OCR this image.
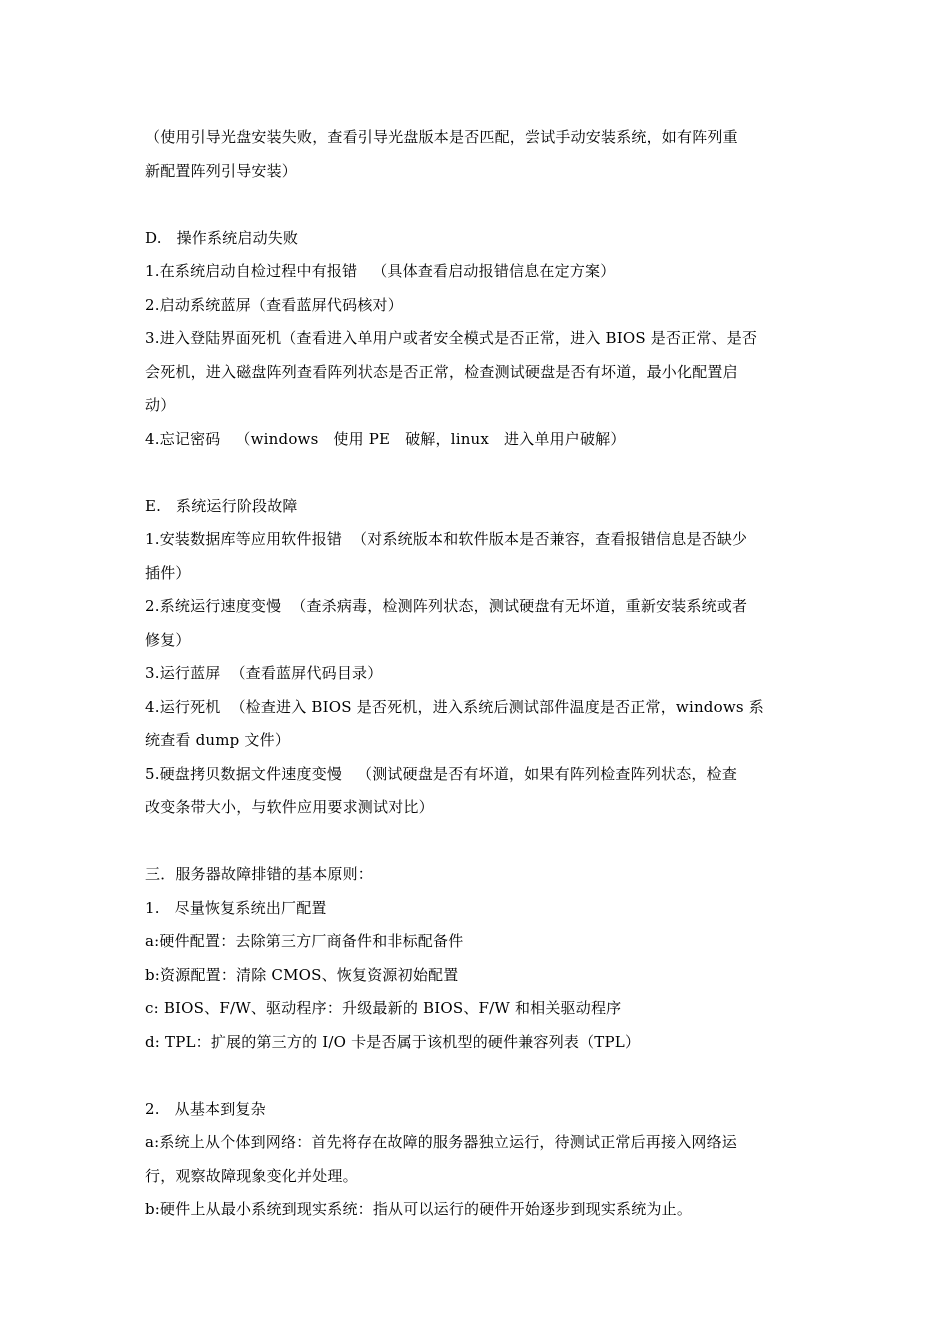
（使用引导光盘安装失败，查看引导光盘版本是否匹配，尝试手动安装系统，如有阵列重
新配置阵列引导安装）
D.   操作系统启动失败
1.在系统启动自检过程中有报错   （具体查看启动报错信息在定方案）
2.启动系统蓝屏（查看蓝屏代码核对）
3.进入登陆界面死机（查看进入单用户或者安全模式是否正常，进入 BIOS 是否正常、是否
会死机，进入磁盘阵列查看阵列状态是否正常，检查测试硬盘是否有坏道，最小化配置启
动）
4.忘记密码   （windows   使用 PE   破解，linux   进入单用户破解）
E.   系统运行阶段故障
1.安装数据库等应用软件报错  （对系统版本和软件版本是否兼容，查看报错信息是否缺少
插件）
2.系统运行速度变慢  （查杀病毒，检测阵列状态，测试硬盘有无坏道，重新安装系统或者
修复）
3.运行蓝屏  （查看蓝屏代码目录）
4.运行死机  （检查进入 BIOS 是否死机，进入系统后测试部件温度是否正常，windows 系
统查看 dump 文件）
5.硬盘拷贝数据文件速度变慢   （测试硬盘是否有坏道，如果有阵列检查阵列状态，检查
改变条带大小，与软件应用要求测试对比）
三．服务器故障排错的基本原则：
1.   尽量恢复系统出厂配置
a:硬件配置：去除第三方厂商备件和非标配备件
b:资源配置：清除 CMOS、恢复资源初始配置
c: BIOS、F/W、驱动程序：升级最新的 BIOS、F/W 和相关驱动程序
d: TPL：扩展的第三方的 I/O 卡是否属于该机型的硬件兼容列表（TPL）
2.   从基本到复杂
a:系统上从个体到网络：首先将存在故障的服务器独立运行，待测试正常后再接入网络运
行，观察故障现象变化并处理。
b:硬件上从最小系统到现实系统：指从可以运行的硬件开始逐步到现实系统为止。
